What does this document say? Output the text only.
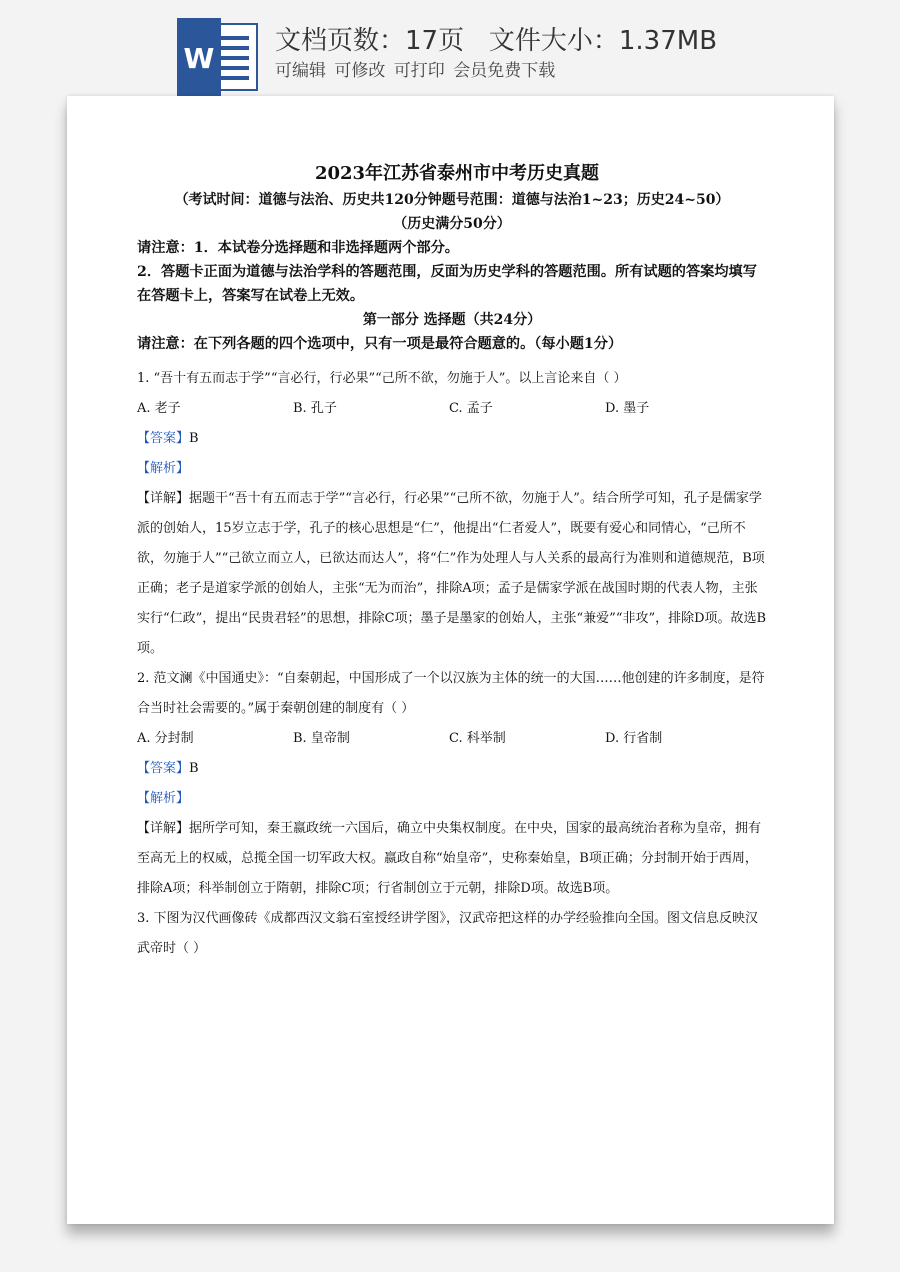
W
文档页数：17页   文件大小：1.37MB
可编辑 可修改 可打印 会员免费下载
2023年江苏省泰州市中考历史真题
（考试时间：道德与法治、历史共120分钟题号范围：道德与法治1~23；历史24~50）
（历史满分50分）
请注意：1．本试卷分选择题和非选择题两个部分。
2．答题卡正面为道德与法治学科的答题范围，反面为历史学科的答题范围。所有试题的答案均填写在答题卡上，答案写在试卷上无效。
第一部分 选择题（共24分）
请注意：在下列各题的四个选项中，只有一项是最符合题意的。（每小题1分）
1. “吾十有五而志于学”“言必行，行必果”“己所不欲，勿施于人”。以上言论来自（ ）
A. 老子	B. 孔子	C. 孟子	D. 墨子
【答案】B
【解析】
【详解】据题干“吾十有五而志于学”“言必行，行必果”“己所不欲，勿施于人”。结合所学可知，孔子是儒家学派的创始人，15岁立志于学，孔子的核心思想是“仁”，他提出“仁者爱人”，既要有爱心和同情心，“己所不欲，勿施于人”“己欲立而立人，已欲达而达人”，将“仁”作为处理人与人关系的最高行为准则和道德规范，B项正确；老子是道家学派的创始人，主张“无为而治”，排除A项；孟子是儒家学派在战国时期的代表人物，主张实行“仁政”，提出“民贵君轻”的思想，排除C项；墨子是墨家的创始人，主张“兼爱”“非攻”，排除D项。故选B项。
2. 范文澜《中国通史》：“自秦朝起，中国形成了一个以汉族为主体的统一的大国……他创建的许多制度，是符合当时社会需要的。”属于秦朝创建的制度有（ ）
A. 分封制	B. 皇帝制	C. 科举制	D. 行省制
【答案】B
【解析】
【详解】据所学可知，秦王嬴政统一六国后，确立中央集权制度。在中央，国家的最高统治者称为皇帝，拥有至高无上的权威，总揽全国一切军政大权。嬴政自称“始皇帝”，史称秦始皇，B项正确；分封制开始于西周，排除A项；科举制创立于隋朝，排除C项；行省制创立于元朝，排除D项。故选B项。
3. 下图为汉代画像砖《成都西汉文翁石室授经讲学图》，汉武帝把这样的办学经验推向全国。图文信息反映汉武帝时（ ）
